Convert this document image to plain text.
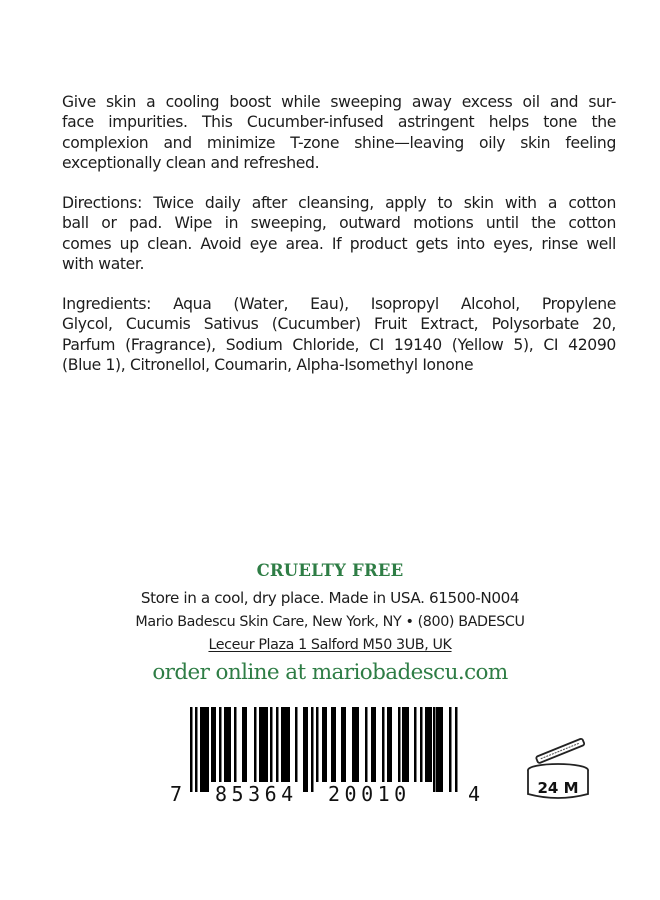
Give skin a cooling boost while sweeping away excess oil and sur-
face impurities. This Cucumber-infused astringent helps tone the
complexion and minimize T-zone shine—leaving oily skin feeling
exceptionally clean and refreshed.
Directions: Twice daily after cleansing, apply to skin with a cotton
ball or pad. Wipe in sweeping, outward motions until the cotton
comes up clean. Avoid eye area. If product gets into eyes, rinse well
with water.
Ingredients: Aqua (Water, Eau), Isopropyl Alcohol, Propylene
Glycol, Cucumis Sativus (Cucumber) Fruit Extract, Polysorbate 20,
Parfum (Fragrance), Sodium Chloride, CI 19140 (Yellow 5), CI 42090
(Blue 1), Citronellol, Coumarin, Alpha-Isomethyl Ionone
CRUELTY FREE
Store in a cool, dry place. Made in USA. 61500-N004
Mario Badescu Skin Care, New York, NY • (800) BADESCU
Leceur Plaza 1 Salford M50 3UB, UK
order online at mariobadescu.com
7 85364 20010	4	24 M
